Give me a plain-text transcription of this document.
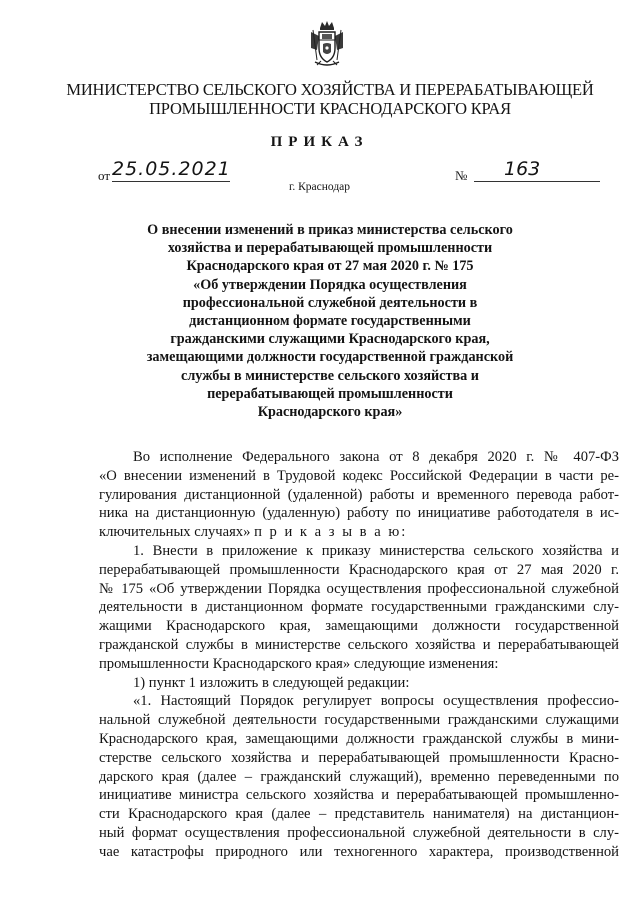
МИНИСТЕРСТВО СЕЛЬСКОГО ХОЗЯЙСТВА И ПЕРЕРАБАТЫВАЮЩЕЙ
ПРОМЫШЛЕННОСТИ КРАСНОДАРСКОГО КРАЯ
ПРИКАЗ
от 25.05.2021	№	163
г. Краснодар
О внесении изменений в приказ министерства сельского
хозяйства и перерабатывающей промышленности
Краснодарского края от 27 мая 2020 г. № 175
«Об утверждении Порядка осуществления
профессиональной служебной деятельности в
дистанционном формате государственными
гражданскими служащими Краснодарского края,
замещающими должности государственной гражданской
службы в министерстве сельского хозяйства и
перерабатывающей промышленности
Краснодарского края»
Во исполнение Федерального закона от 8 декабря 2020 г. № 407-ФЗ
«О внесении изменений в Трудовой кодекс Российской Федерации в части ре-
гулирования дистанционной (удаленной) работы и временного перевода работ-
ника на дистанционную (удаленную) работу по инициативе работодателя в ис-
ключительных случаях» п р и к а з ы в а ю:
1. Внести в приложение к приказу министерства сельского хозяйства и
перерабатывающей промышленности Краснодарского края от 27 мая 2020 г.
№ 175 «Об утверждении Порядка осуществления профессиональной служебной
деятельности в дистанционном формате государственными гражданскими слу-
жащими Краснодарского края, замещающими должности государственной
гражданской службы в министерстве сельского хозяйства и перерабатывающей
промышленности Краснодарского края» следующие изменения:
1) пункт 1 изложить в следующей редакции:
«1. Настоящий Порядок регулирует вопросы осуществления профессио-
нальной служебной деятельности государственными гражданскими служащими
Краснодарского края, замещающими должности гражданской службы в мини-
стерстве сельского хозяйства и перерабатывающей промышленности Красно-
дарского края (далее – гражданский служащий), временно переведенными по
инициативе министра сельского хозяйства и перерабатывающей промышленно-
сти Краснодарского края (далее – представитель нанимателя) на дистанцион-
ный формат осуществления профессиональной служебной деятельности в слу-
чае катастрофы природного или техногенного характера, производственной
